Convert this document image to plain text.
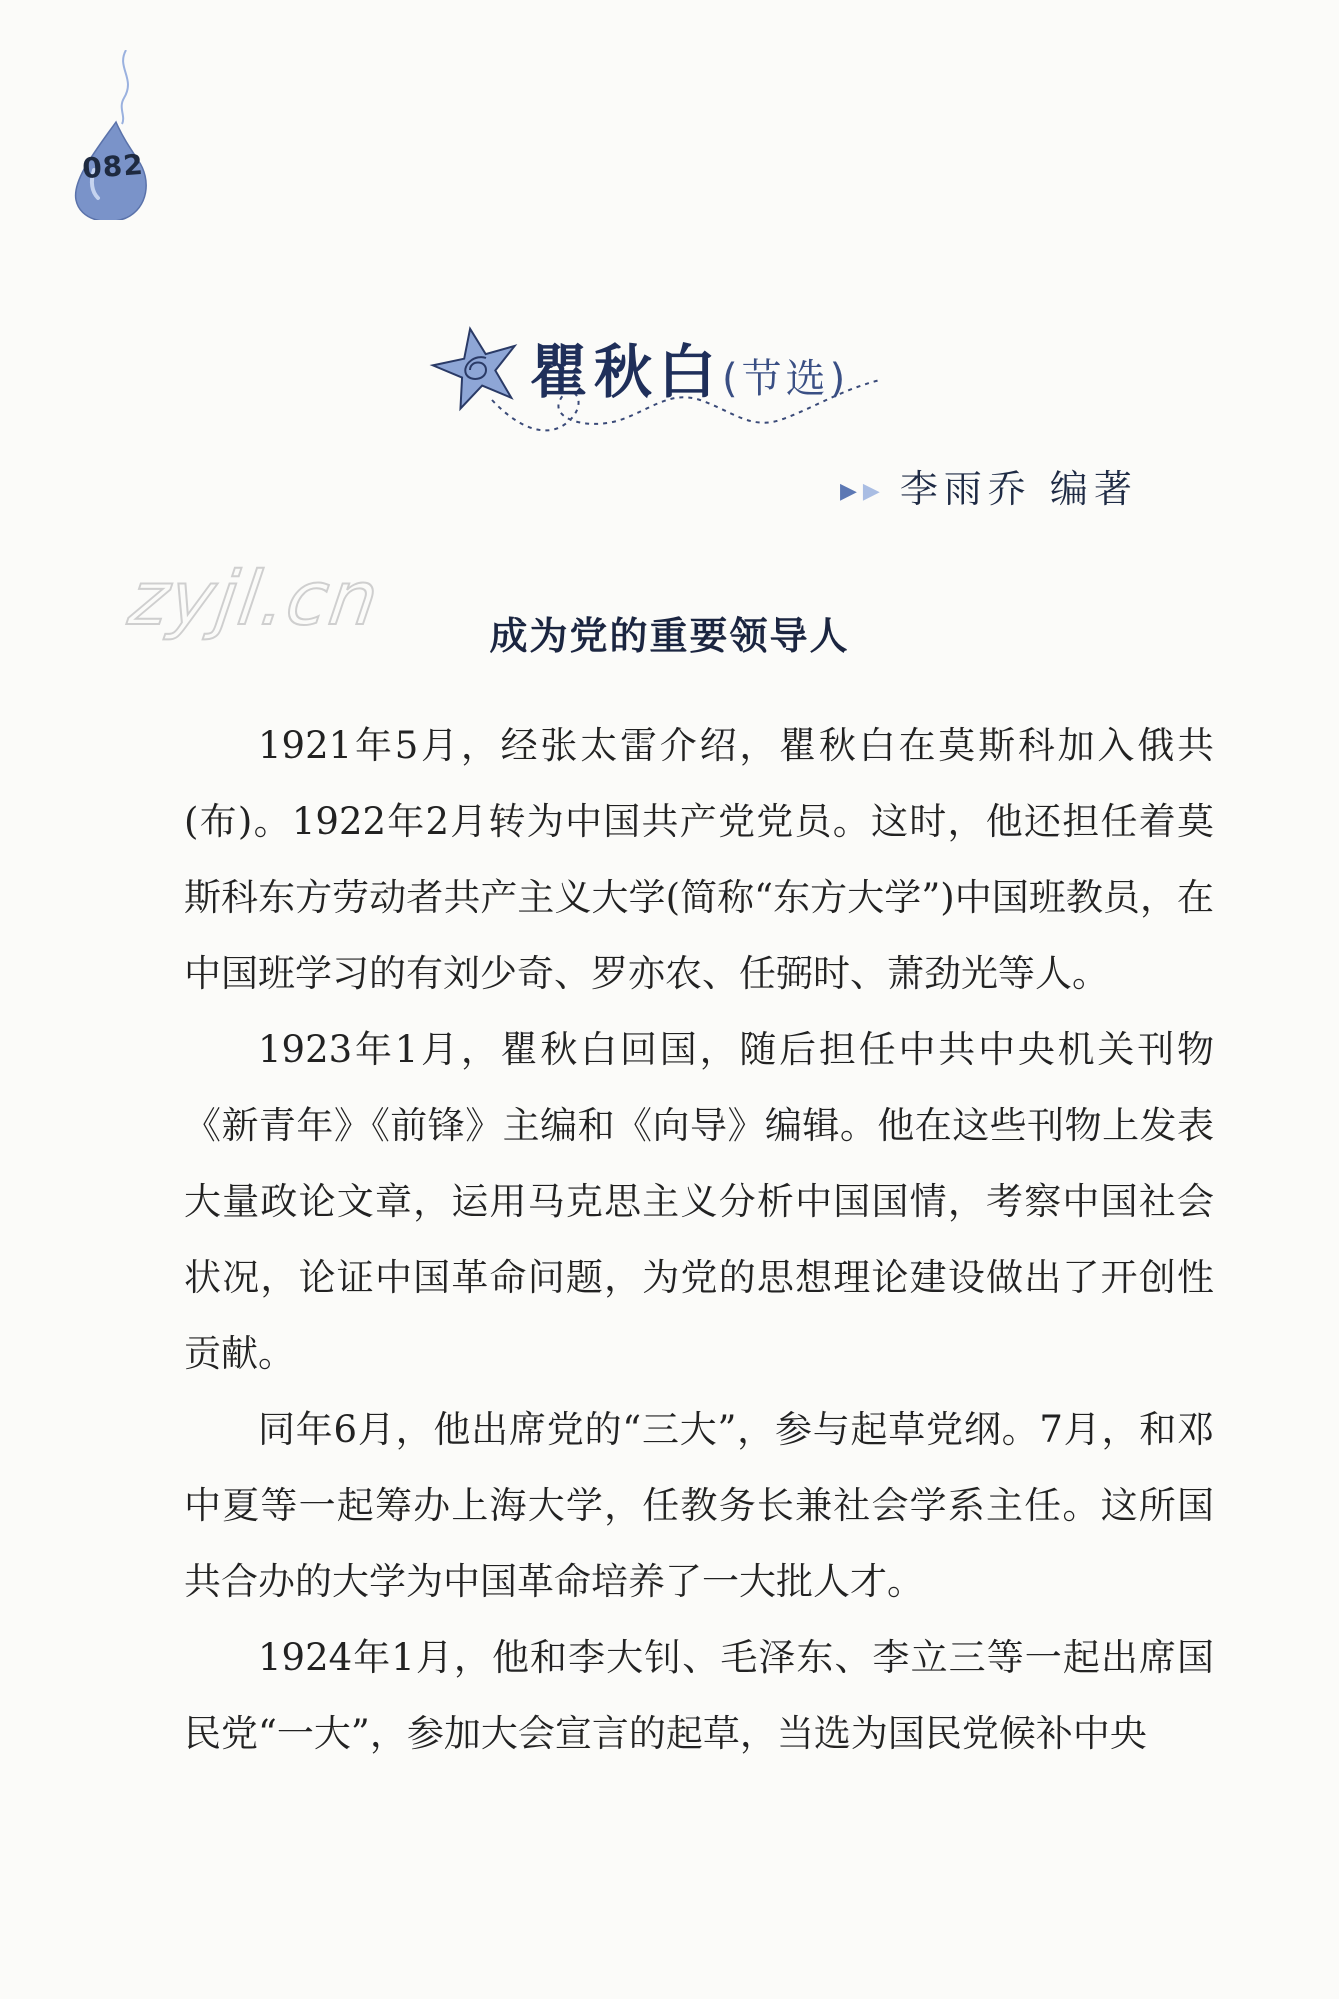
082
瞿秋白(节选)
▶▶ 李雨乔 编著
zyjl.cn	成为党的重要领导人

1921年5月，经张太雷介绍，瞿秋白在莫斯科加入俄共(布)。1922年2月转为中国共产党党员。这时，他还担任着莫斯科东方劳动者共产主义大学(简称“东方大学”)中国班教员，在中国班学习的有刘少奇、罗亦农、任弼时、萧劲光等人。

1923年1月，瞿秋白回国，随后担任中共中央机关刊物《新青年》《前锋》主编和《向导》编辑。他在这些刊物上发表大量政论文章，运用马克思主义分析中国国情，考察中国社会状况，论证中国革命问题，为党的思想理论建设做出了开创性贡献。

同年6月，他出席党的“三大”，参与起草党纲。7月，和邓中夏等一起筹办上海大学，任教务长兼社会学系主任。这所国共合办的大学为中国革命培养了一大批人才。

1924年1月，他和李大钊、毛泽东、李立三等一起出席国民党“一大”，参加大会宣言的起草，当选为国民党候补中央
